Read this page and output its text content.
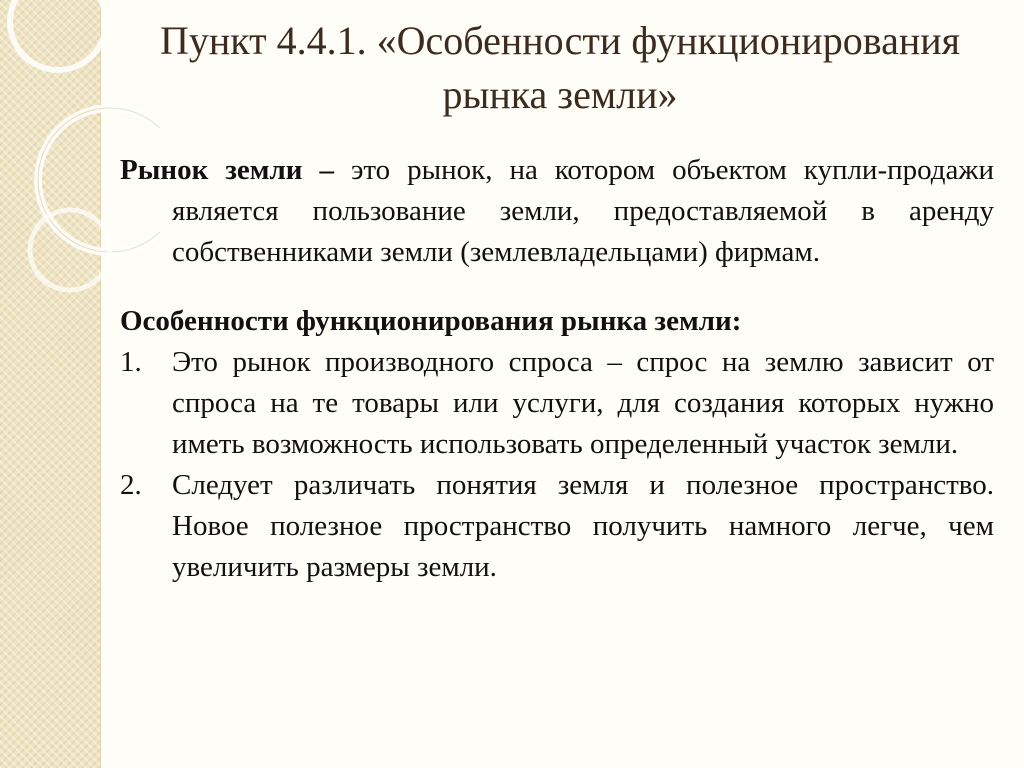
Пункт 4.4.1. «Особенности функционирования
рынка земли»

Рынок земли – это рынок, на котором объектом купли-продажи является пользование земли, предоставляемой в аренду собственниками земли (землевладельцами) фирмам.

Особенности функционирования рынка земли:

1.	Это рынок производного спроса – спрос на землю зависит от спроса на те товары или услуги, для создания которых нужно иметь возможность использовать определенный участок земли.
2.	Следует различать понятия земля и полезное пространство. Новое полезное пространство получить намного легче, чем увеличить размеры земли.
